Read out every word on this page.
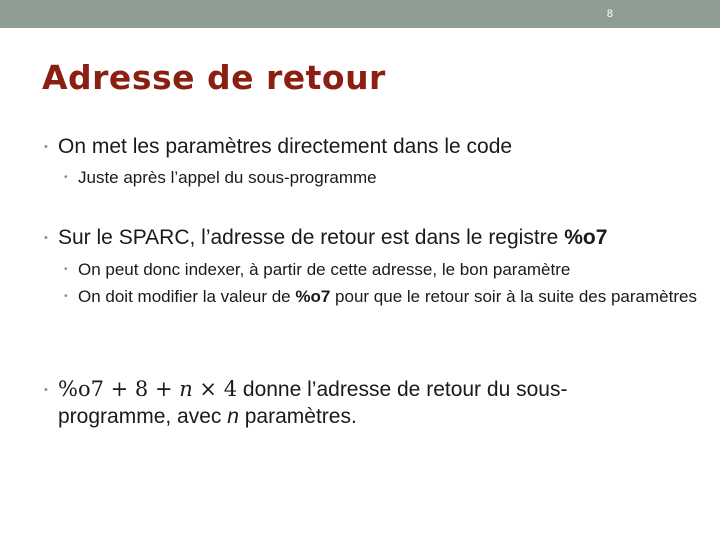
8
Adresse de retour
• On met les paramètres directement dans le code
• Juste après l’appel du sous-programme
• Sur le SPARC, l’adresse de retour est dans le registre %o7
• On peut donc indexer, à partir de cette adresse, le bon paramètre
• On doit modifier la valeur de %o7 pour que le retour soir à la suite des paramètres
• %o7 + 8 + n × 4 donne l’adresse de retour du sous-programme, avec n paramètres.
